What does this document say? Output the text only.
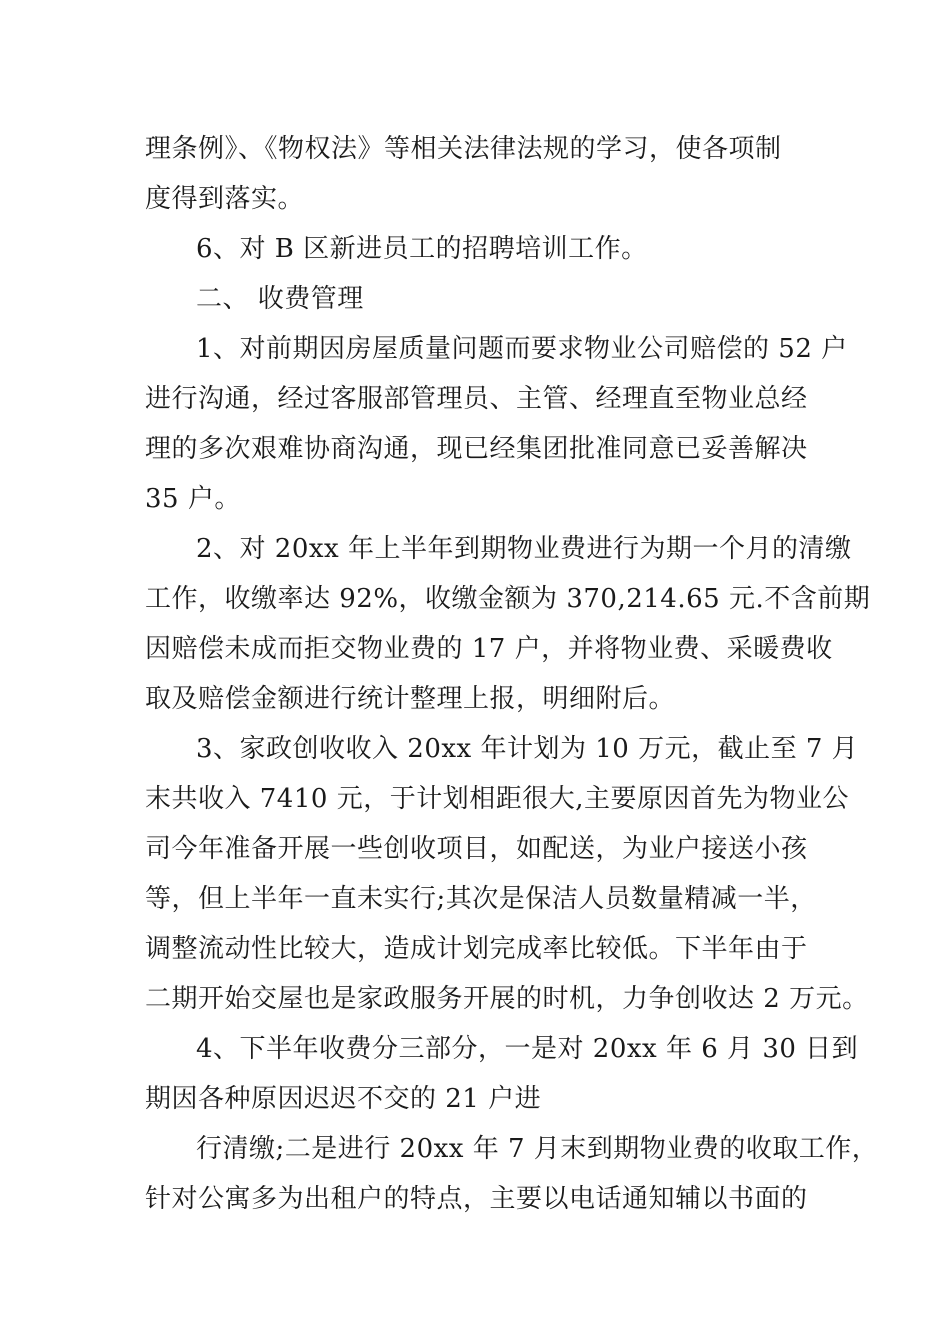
理条例》、《物权法》等相关法律法规的学习，使各项制
度得到落实。
6、对 B 区新进员工的招聘培训工作。
二、 收费管理
1、对前期因房屋质量问题而要求物业公司赔偿的 52 户
进行沟通，经过客服部管理员、主管、经理直至物业总经
理的多次艰难协商沟通，现已经集团批准同意已妥善解决
35 户。
2、对 20xx 年上半年到期物业费进行为期一个月的清缴
工作，收缴率达 92%，收缴金额为 370,214.65 元.不含前期
因赔偿未成而拒交物业费的 17 户，并将物业费、采暖费收
取及赔偿金额进行统计整理上报，明细附后。
3、家政创收收入 20xx 年计划为 10 万元，截止至 7 月
末共收入 7410 元，于计划相距很大,主要原因首先为物业公
司今年准备开展一些创收项目，如配送，为业户接送小孩
等，但上半年一直未实行;其次是保洁人员数量精减一半，
调整流动性比较大，造成计划完成率比较低。下半年由于
二期开始交屋也是家政服务开展的时机，力争创收达 2 万元。
4、下半年收费分三部分，一是对 20xx 年 6 月 30 日到
期因各种原因迟迟不交的 21 户进
行清缴;二是进行 20xx 年 7 月末到期物业费的收取工作，
针对公寓多为出租户的特点，主要以电话通知辅以书面的
